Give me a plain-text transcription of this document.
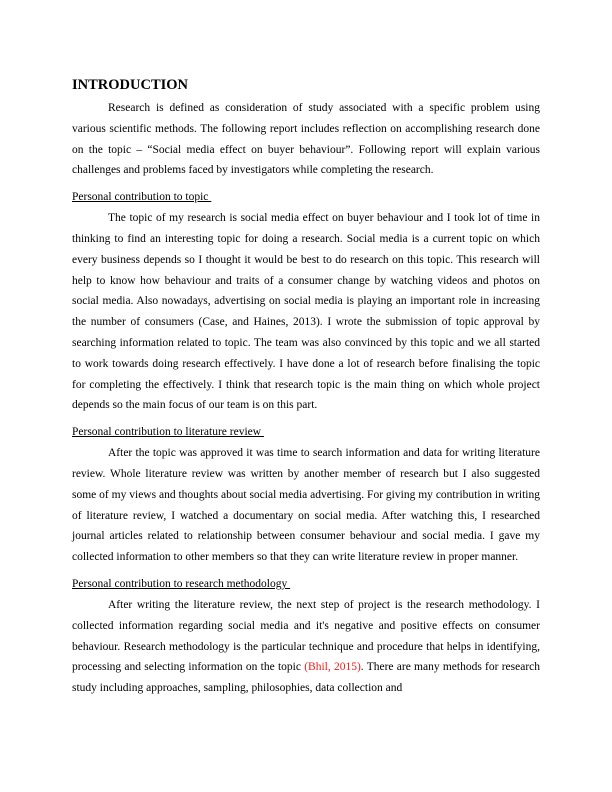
INTRODUCTION

Research is defined as consideration of study associated with a specific problem using various scientific methods. The following report includes reflection on accomplishing research done on the topic – “Social media effect on buyer behaviour”. Following report will explain various challenges and problems faced by investigators while completing the research.

Personal contribution to topic

The topic of my research is social media effect on buyer behaviour and I took lot of time in thinking to find an interesting topic for doing a research. Social media is a current topic on which every business depends so I thought it would be best to do research on this topic. This research will help to know how behaviour and traits of a consumer change by watching videos and photos on social media. Also nowadays, advertising on social media is playing an important role in increasing the number of consumers (Case, and Haines, 2013). I wrote the submission of topic approval by searching information related to topic. The team was also convinced by this topic and we all started to work towards doing research effectively. I have done a lot of research before finalising the topic for completing the effectively. I think that research topic is the main thing on which whole project depends so the main focus of our team is on this part.

Personal contribution to literature review

After the topic was approved it was time to search information and data for writing literature review. Whole literature review was written by another member of research but I also suggested some of my views and thoughts about social media advertising. For giving my contribution in writing of literature review, I watched a documentary on social media. After watching this, I researched journal articles related to relationship between consumer behaviour and social media. I gave my collected information to other members so that they can write literature review in proper manner.

Personal contribution to research methodology

After writing the literature review, the next step of project is the research methodology. I collected information regarding social media and it's negative and positive effects on consumer behaviour. Research methodology is the particular technique and procedure that helps in identifying, processing and selecting information on the topic (Bhil, 2015). There are many methods for research study including approaches, sampling, philosophies, data collection and
